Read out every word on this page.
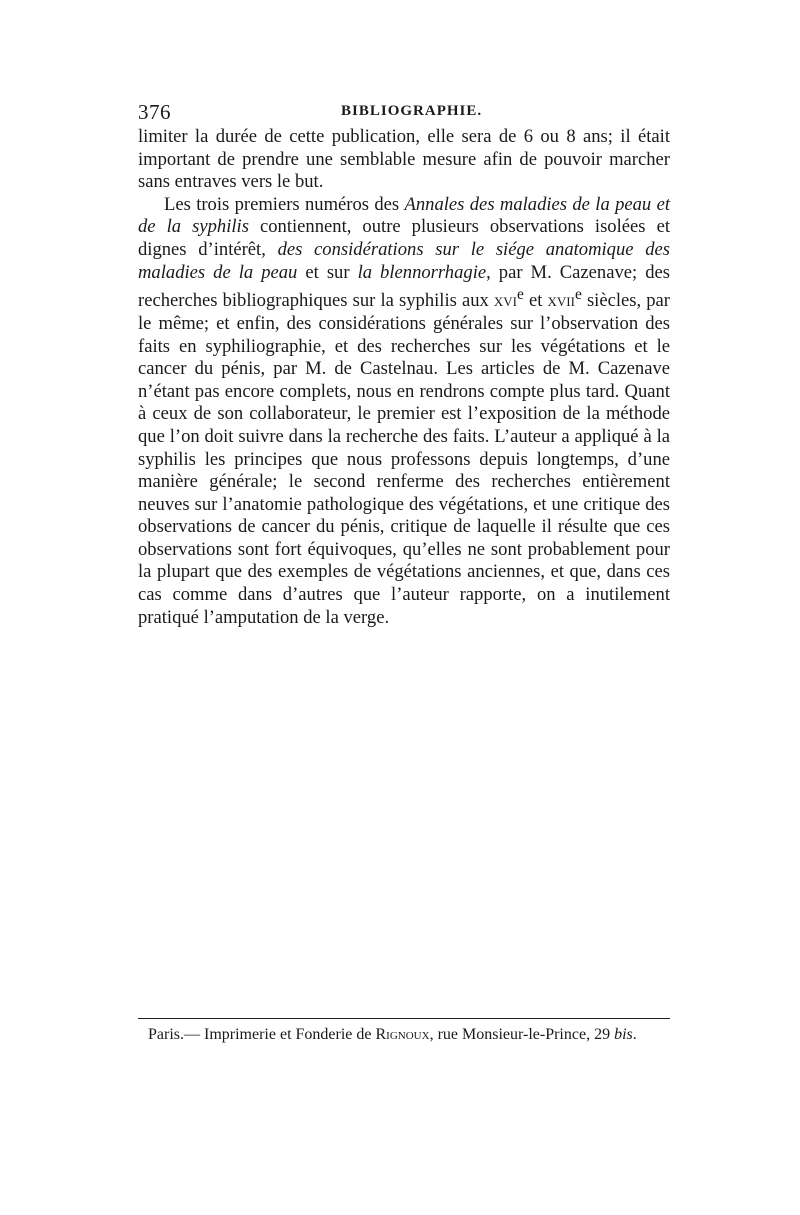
376	BIBLIOGRAPHIE.

limiter la durée de cette publication, elle sera de 6 ou 8 ans; il était important de prendre une semblable mesure afin de pouvoir marcher sans entraves vers le but.

Les trois premiers numéros des Annales des maladies de la peau et de la syphilis contiennent, outre plusieurs observations isolées et dignes d’intérêt, des considérations sur le siége anatomique des maladies de la peau et sur la blennorrhagie, par M. Cazenave; des recherches bibliographiques sur la syphilis aux xvi$^e$ et xvii$^e$ siècles, par le même; et enfin, des considérations générales sur l’observation des faits en syphiliographie, et des recherches sur les végétations et le cancer du pénis, par M. de Castelnau. Les articles de M. Cazenave n’étant pas encore complets, nous en rendrons compte plus tard. Quant à ceux de son collaborateur, le premier est l’exposition de la méthode que l’on doit suivre dans la recherche des faits. L’auteur a appliqué à la syphilis les principes que nous professons depuis longtemps, d’une manière générale; le second renferme des recherches entièrement neuves sur l’anatomie pathologique des végétations, et une critique des observations de cancer du pénis, critique de laquelle il résulte que ces observations sont fort équivoques, qu’elles ne sont probablement pour la plupart que des exemples de végétations anciennes, et que, dans ces cas comme dans d’autres que l’auteur rapporte, on a inutilement pratiqué l’amputation de la verge.

Paris.— Imprimerie et Fonderie de Rignoux, rue Monsieur-le-Prince, 29 bis.
